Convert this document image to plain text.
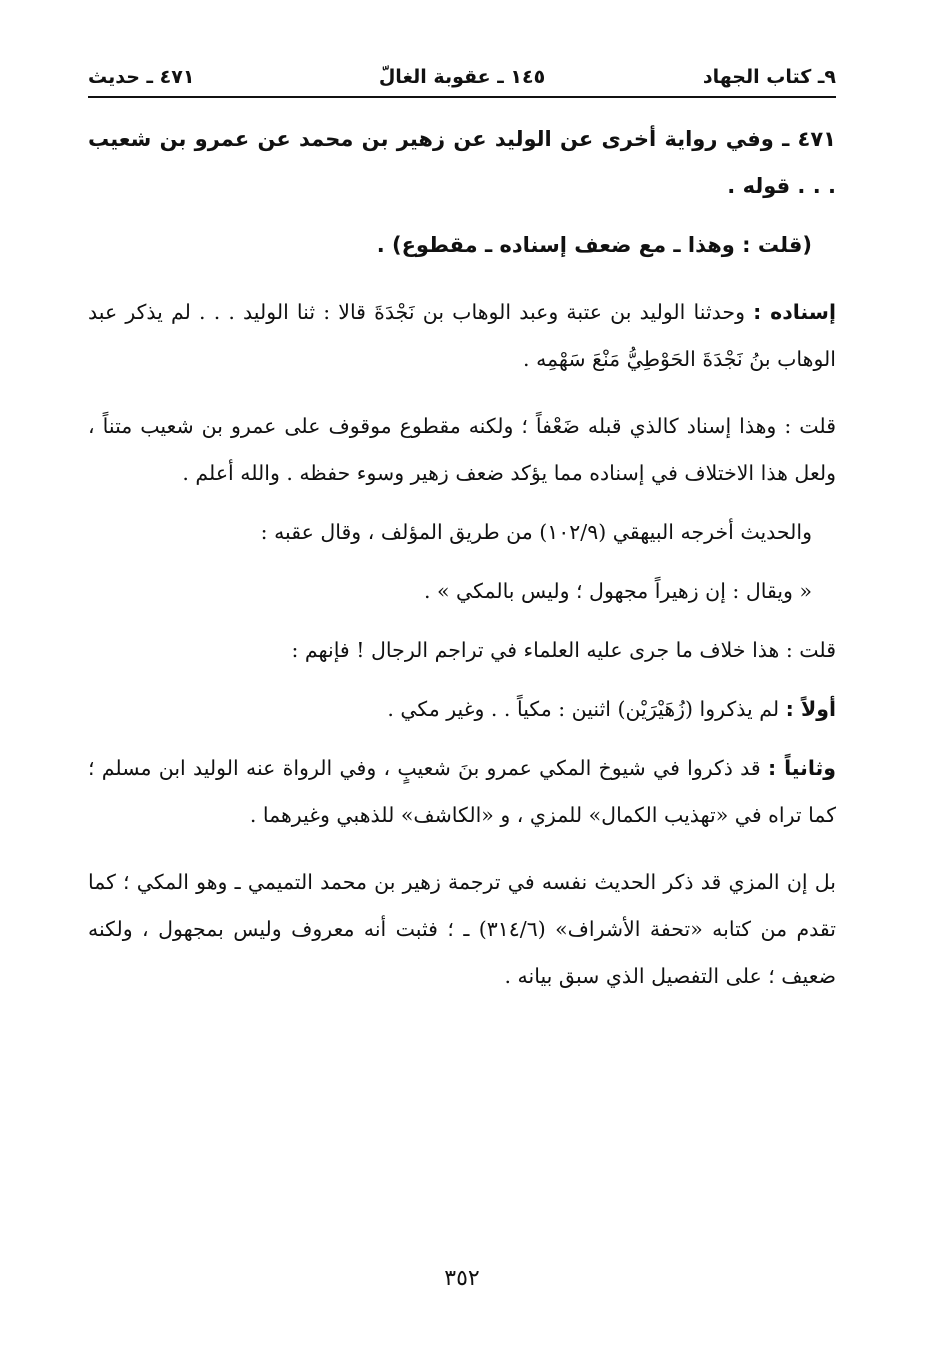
٩ـ كتاب الجهاد
١٤٥ ـ عقوبة الغالّ
٤٧١ ـ حديث

٤٧١ ـ وفي رواية أخرى عن الوليد عن زهير بن محمد عن عمرو بن شعيب . . . قوله .

(قلت : وهذا ـ مع ضعف إسناده ـ مقطوع) .

إسناده : وحدثنا الوليد بن عتبة وعبد الوهاب بن نَجْدَةَ قالا : ثنا الوليد . . . لم يذكر عبد الوهاب بنُ نَجْدَةَ الحَوْطِيُّ مَنْعَ سَهْمِه .

قلت : وهذا إسناد كالذي قبله ضَعْفاً ؛ ولكنه مقطوع موقوف على عمرو بن شعيب متناً ، ولعل هذا الاختلاف في إسناده مما يؤكد ضعف زهير وسوء حفظه . والله أعلم .

والحديث أخرجه البيهقي (١٠٢/٩) من طريق المؤلف ، وقال عقبه :

« ويقال : إن زهيراً مجهول ؛ وليس بالمكي » .

قلت : هذا خلاف ما جرى عليه العلماء في تراجم الرجال ! فإنهم :

أولاً : لم يذكروا (زُهَيْرَيْن) اثنين : مكياً . . وغير مكي .

وثانياً : قد ذكروا في شيوخ المكي عمرو بنَ شعيبٍ ، وفي الرواة عنه الوليد ابن مسلم ؛ كما تراه في «تهذيب الكمال» للمزي ، و «الكاشف» للذهبي وغيرهما .

بل إن المزي قد ذكر الحديث نفسه في ترجمة زهير بن محمد التميمي ـ وهو المكي ؛ كما تقدم من كتابه «تحفة الأشراف» (٣١٤/٦) ـ ؛ فثبت أنه معروف وليس بمجهول ، ولكنه ضعيف ؛ على التفصيل الذي سبق بيانه .

٣٥٢
